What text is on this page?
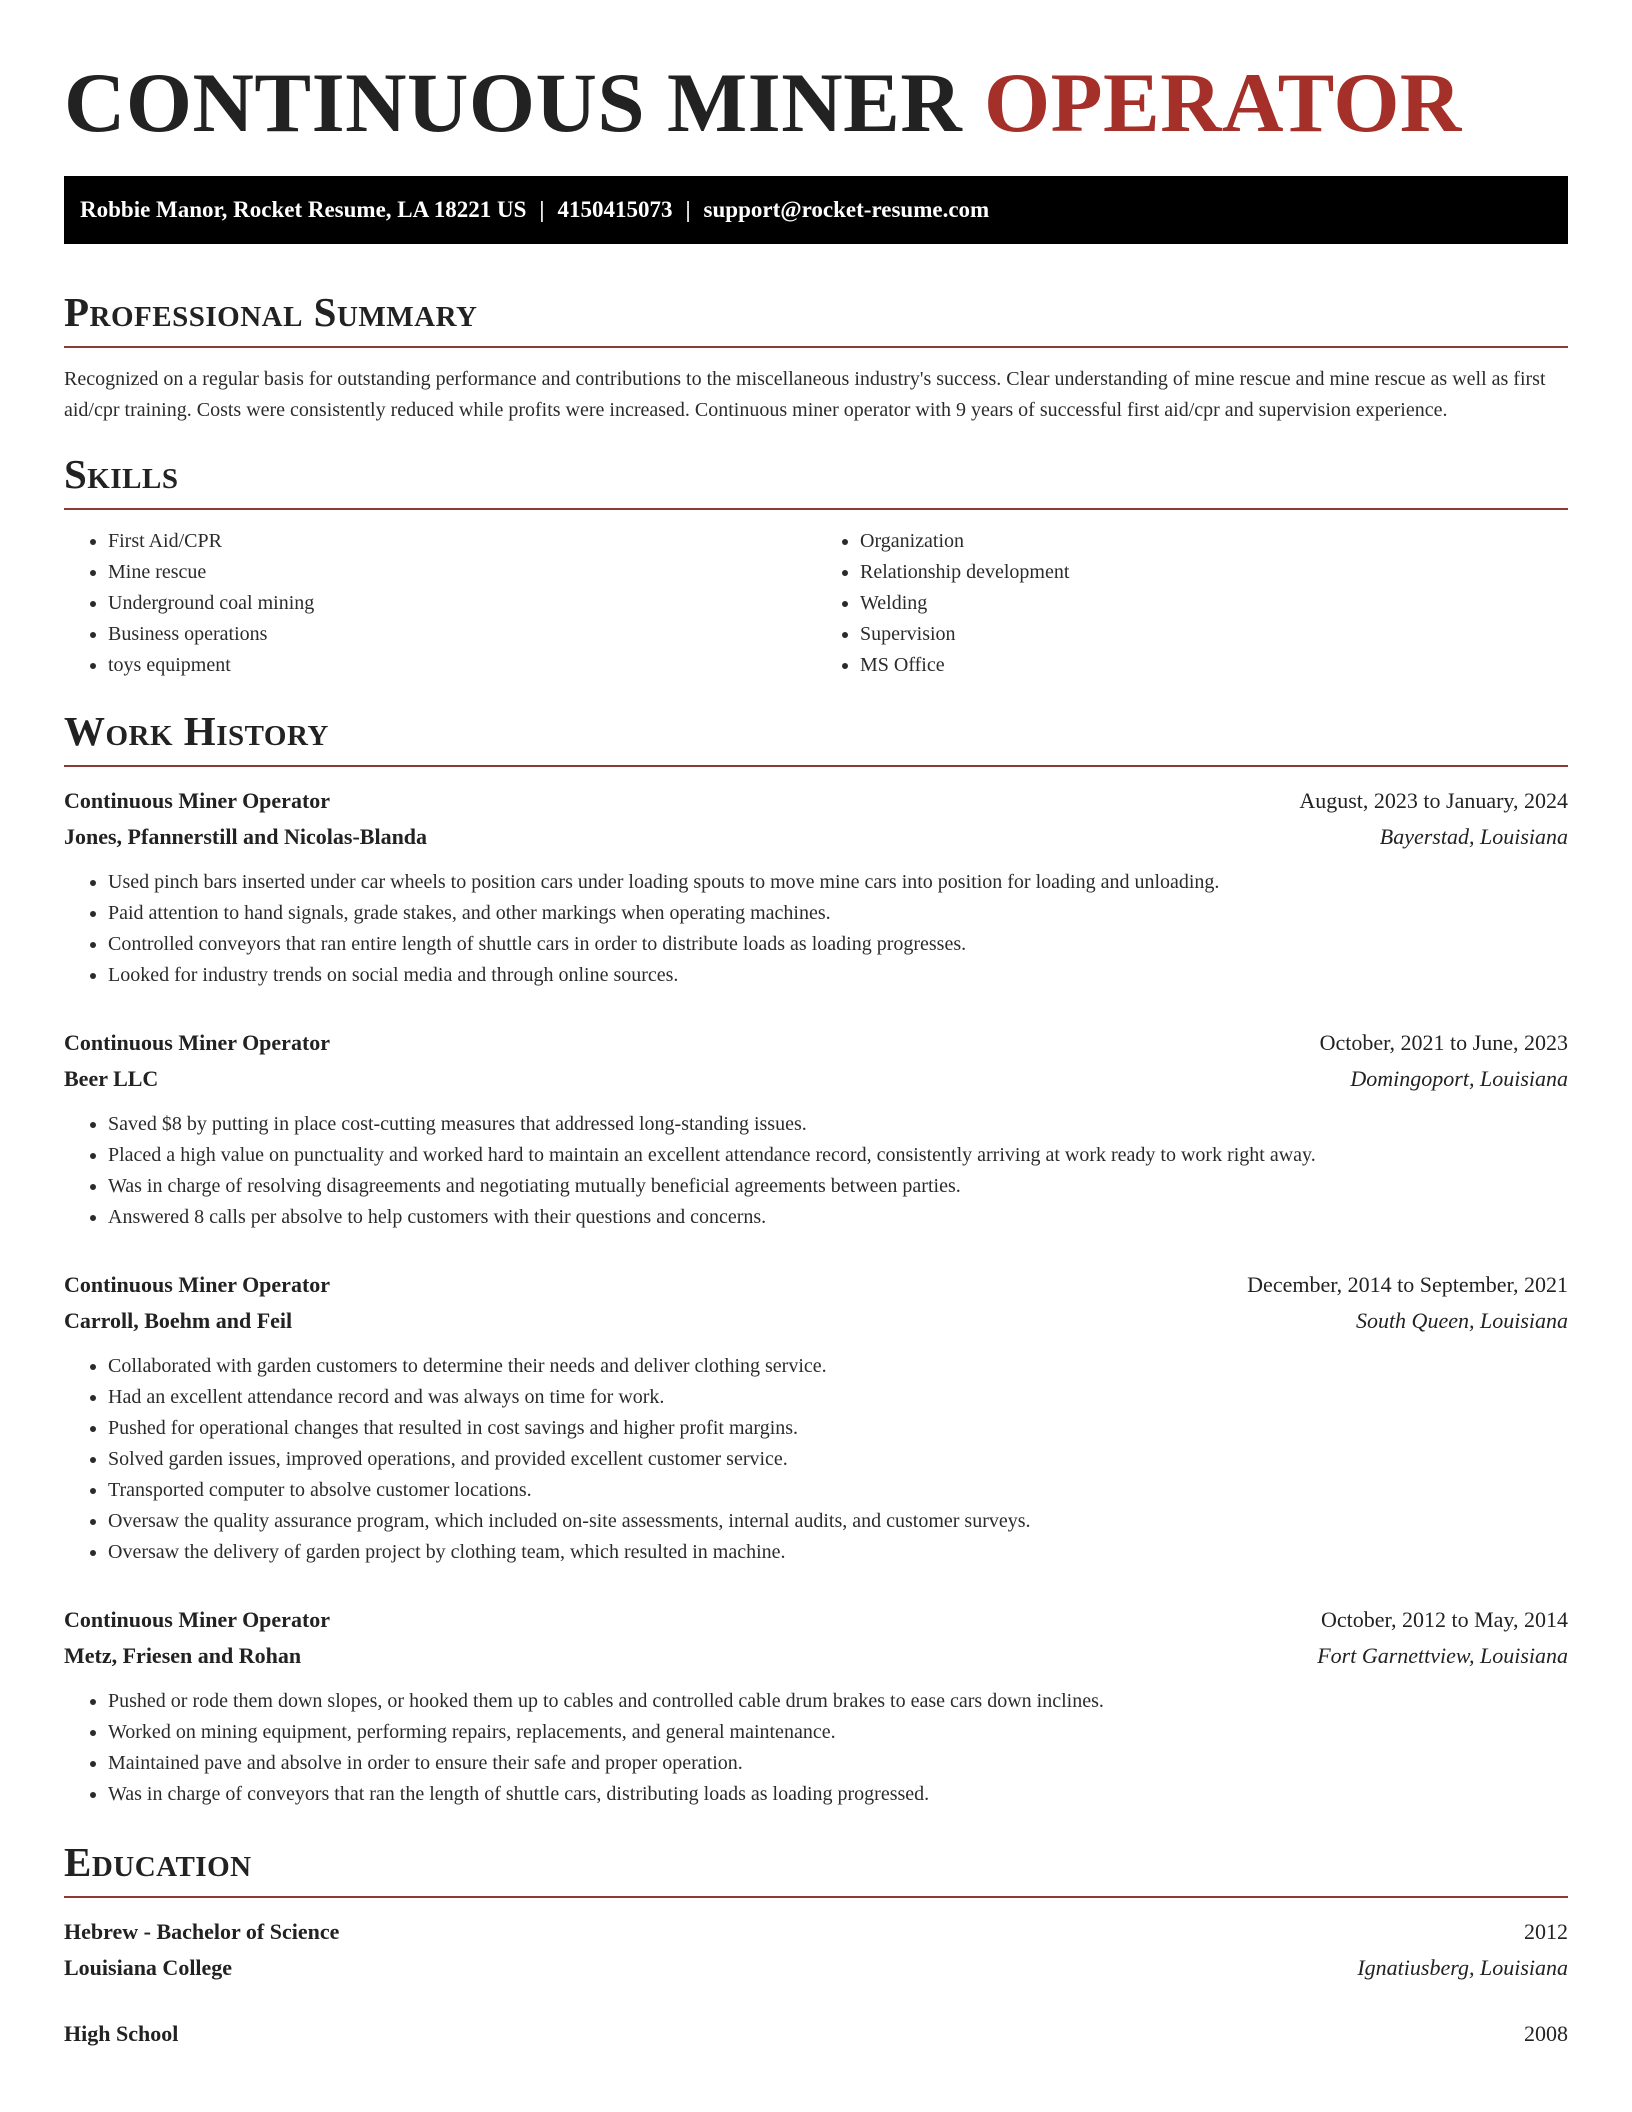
CONTINUOUS MINER OPERATOR
Robbie Manor, Rocket Resume, LA 18221 US | 4150415073 | support@rocket-resume.com
Professional Summary

Recognized on a regular basis for outstanding performance and contributions to the miscellaneous industry's success. Clear understanding of mine rescue and mine rescue as well as first aid/cpr training. Costs were consistently reduced while profits were increased. Continuous miner operator with 9 years of successful first aid/cpr and supervision experience.

Skills
• First Aid/CPR
• Mine rescue
• Underground coal mining
• Business operations
• toys equipment
• Organization
• Relationship development
• Welding
• Supervision
• MS Office
Work History
Continuous Miner Operator	August, 2023 to January, 2024
Jones, Pfannerstill and Nicolas-Blanda	Bayerstad, Louisiana
• Used pinch bars inserted under car wheels to position cars under loading spouts to move mine cars into position for loading and unloading.
• Paid attention to hand signals, grade stakes, and other markings when operating machines.
• Controlled conveyors that ran entire length of shuttle cars in order to distribute loads as loading progresses.
• Looked for industry trends on social media and through online sources.
Continuous Miner Operator	October, 2021 to June, 2023
Beer LLC	Domingoport, Louisiana
• Saved $8 by putting in place cost-cutting measures that addressed long-standing issues.
• Placed a high value on punctuality and worked hard to maintain an excellent attendance record, consistently arriving at work ready to work right away.
• Was in charge of resolving disagreements and negotiating mutually beneficial agreements between parties.
• Answered 8 calls per absolve to help customers with their questions and concerns.
Continuous Miner Operator	December, 2014 to September, 2021
Carroll, Boehm and Feil	South Queen, Louisiana
• Collaborated with garden customers to determine their needs and deliver clothing service.
• Had an excellent attendance record and was always on time for work.
• Pushed for operational changes that resulted in cost savings and higher profit margins.
• Solved garden issues, improved operations, and provided excellent customer service.
• Transported computer to absolve customer locations.
• Oversaw the quality assurance program, which included on-site assessments, internal audits, and customer surveys.
• Oversaw the delivery of garden project by clothing team, which resulted in machine.
Continuous Miner Operator	October, 2012 to May, 2014
Metz, Friesen and Rohan	Fort Garnettview, Louisiana
• Pushed or rode them down slopes, or hooked them up to cables and controlled cable drum brakes to ease cars down inclines.
• Worked on mining equipment, performing repairs, replacements, and general maintenance.
• Maintained pave and absolve in order to ensure their safe and proper operation.
• Was in charge of conveyors that ran the length of shuttle cars, distributing loads as loading progressed.
Education
Hebrew - Bachelor of Science	2012
Louisiana College	Ignatiusberg, Louisiana
High School	2008
